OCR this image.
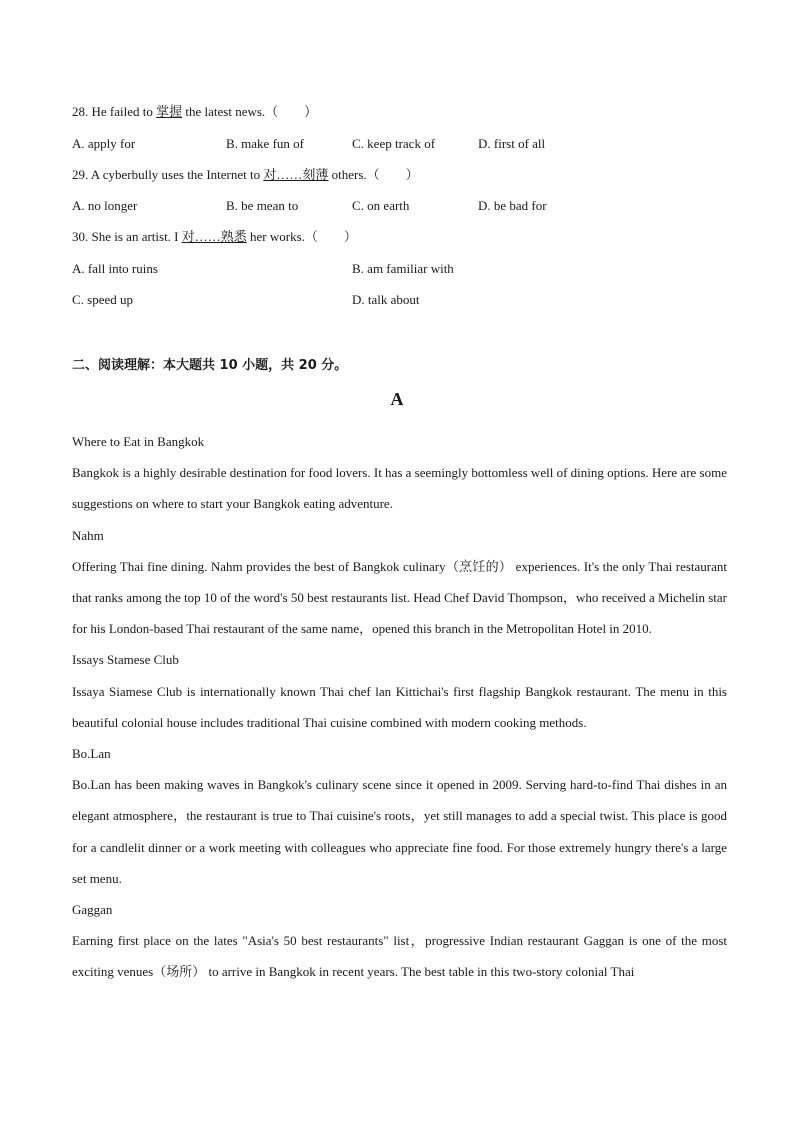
28. He failed to 掌握 the latest news.（　　）
A. apply for	B. make fun of	C. keep track of	D. first of all
29. A cyberbully uses the Internet to 对……刻薄 others.（　　）
A. no longer	B. be mean to	C. on earth	D. be bad for
30. She is an artist. I 对……熟悉 her works.（　　）
A. fall into ruins	B. am familiar with
C. speed up	D. talk about
二、阅读理解：本大题共 10 小题，共 20 分。
A

Where to Eat in Bangkok

Bangkok is a highly desirable destination for food lovers. It has a seemingly bottomless well of dining options. Here are some suggestions on where to start your Bangkok eating adventure.

Nahm

Offering Thai fine dining. Nahm provides the best of Bangkok culinary（烹饪的） experiences. It's the only Thai restaurant that ranks among the top 10 of the word's 50 best restaurants list. Head Chef David Thompson，who received a Michelin star for his London-based Thai restaurant of the same name，opened this branch in the Metropolitan Hotel in 2010.

Issays Stamese Club

Issaya Siamese Club is internationally known Thai chef lan Kittichai's first flagship Bangkok restaurant. The menu in this beautiful colonial house includes traditional Thai cuisine combined with modern cooking methods.

Bo.Lan

Bo.Lan has been making waves in Bangkok's culinary scene since it opened in 2009. Serving hard-to-find Thai dishes in an elegant atmosphere，the restaurant is true to Thai cuisine's roots，yet still manages to add a special twist. This place is good for a candlelit dinner or a work meeting with colleagues who appreciate fine food. For those extremely hungry there's a large set menu.

Gaggan

Earning first place on the lates "Asia's 50 best restaurants" list，progressive Indian restaurant Gaggan is one of the most exciting venues（场所） to arrive in Bangkok in recent years. The best table in this two-story colonial Thai
